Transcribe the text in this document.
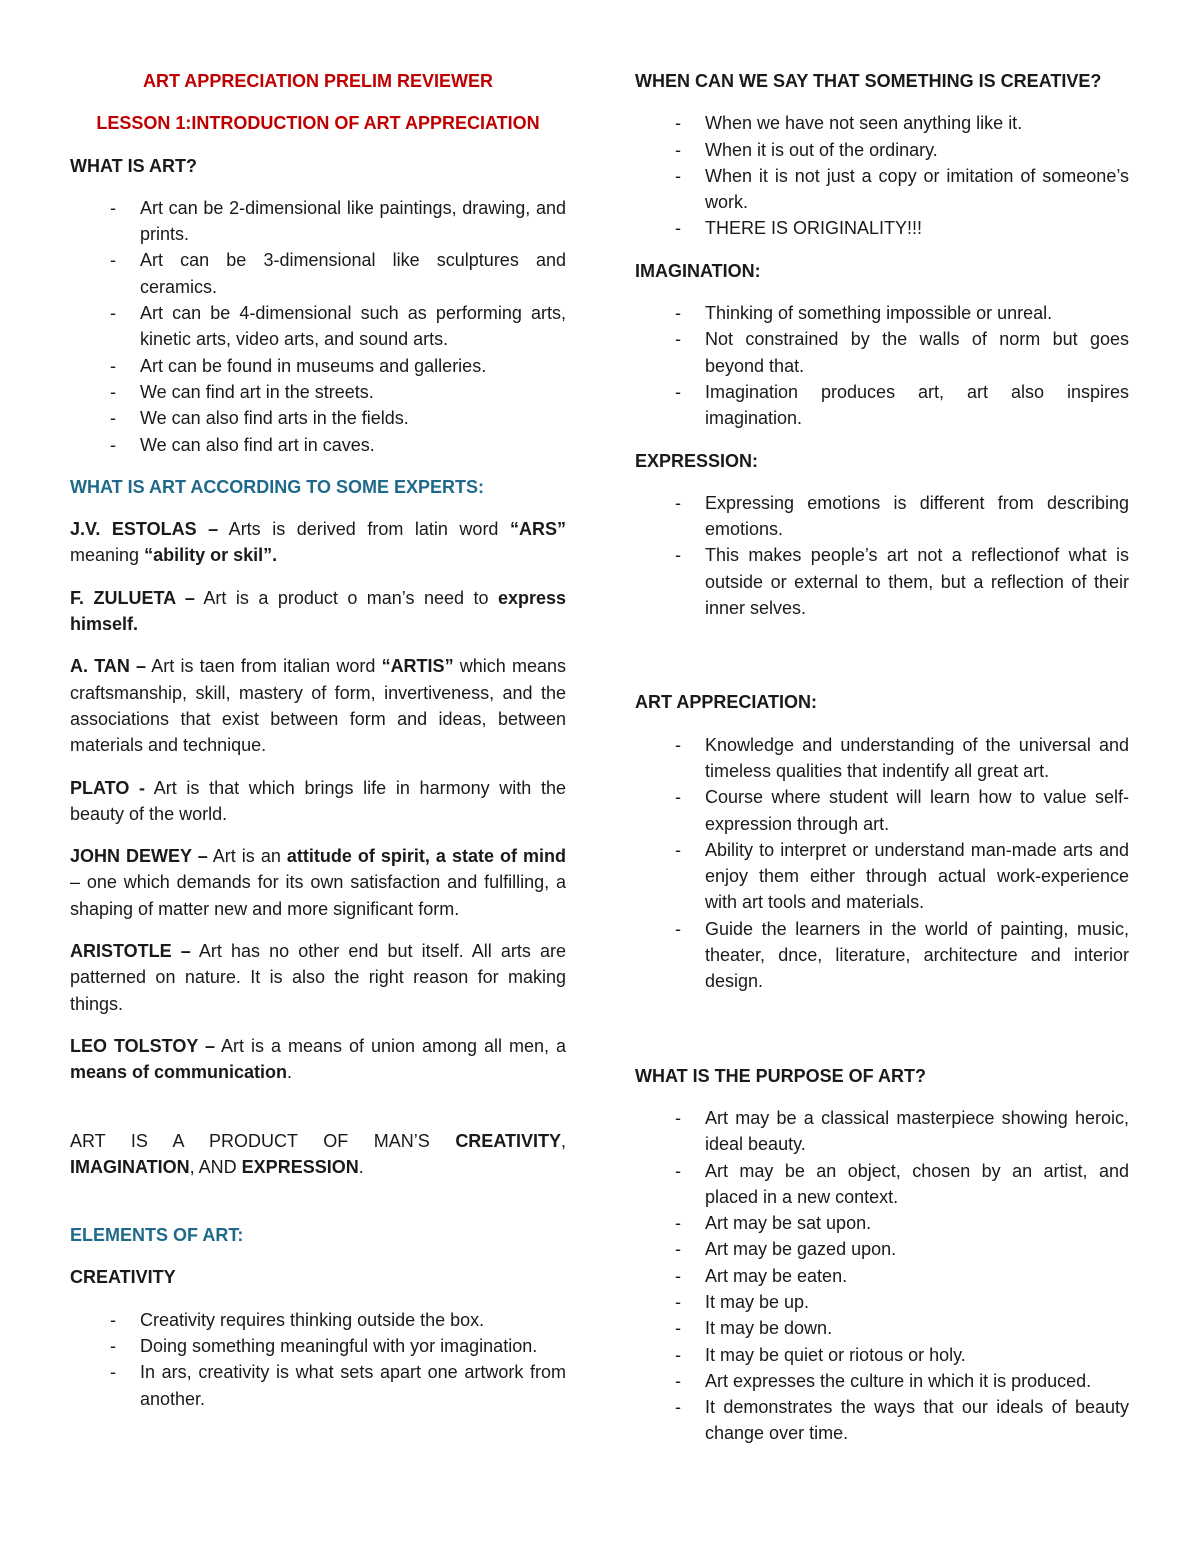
ART APPRECIATION PRELIM REVIEWER
LESSON 1:INTRODUCTION OF ART APPRECIATION
WHAT IS ART?
- Art can be 2-dimensional like paintings, drawing, and prints.
- Art can be 3-dimensional like sculptures and ceramics.
- Art can be 4-dimensional such as performing arts, kinetic arts, video arts, and sound arts.
- Art can be found in museums and galleries.
- We can find art in the streets.
- We can also find arts in the fields.
- We can also find art in caves.
WHAT IS ART ACCORDING TO SOME EXPERTS:
J.V. ESTOLAS – Arts is derived from latin word “ARS” meaning “ability or skil”.
F. ZULUETA – Art is a product o man’s need to express himself.
A. TAN – Art is taen from italian word “ARTIS” which means craftsmanship, skill, mastery of form, invertiveness, and the associations that exist between form and ideas, between materials and technique.
PLATO - Art is that which brings life in harmony with the beauty of the world.
JOHN DEWEY – Art is an attitude of spirit, a state of mind – one which demands for its own satisfaction and fulfilling, a shaping of matter new and more significant form.
ARISTOTLE – Art has no other end but itself. All arts are patterned on nature. It is also the right reason for making things.
LEO TOLSTOY – Art is a means of union among all men, a means of communication.
ART IS A PRODUCT OF MAN’S CREATIVITY, IMAGINATION, AND EXPRESSION.
ELEMENTS OF ART:
CREATIVITY
- Creativity requires thinking outside the box.
- Doing something meaningful with yor imagination.
- In ars, creativity is what sets apart one artwork from another.
WHEN CAN WE SAY THAT SOMETHING IS CREATIVE?
- When we have not seen anything like it.
- When it is out of the ordinary.
- When it is not just a copy or imitation of someone’s work.
- THERE IS ORIGINALITY!!!
IMAGINATION:
- Thinking of something impossible or unreal.
- Not constrained by the walls of norm but goes beyond that.
- Imagination produces art, art also inspires imagination.
EXPRESSION:
- Expressing emotions is different from describing emotions.
- This makes people’s art not a reflectionof what is outside or external to them, but a reflection of their inner selves.
ART APPRECIATION:
- Knowledge and understanding of the universal and timeless qualities that indentify all great art.
- Course where student will learn how to value self-expression through art.
- Ability to interpret or understand man-made arts and enjoy them either through actual work-experience with art tools and materials.
- Guide the learners in the world of painting, music, theater, dnce, literature, architecture and interior design.
WHAT IS THE PURPOSE OF ART?
- Art may be a classical masterpiece showing heroic, ideal beauty.
- Art may be an object, chosen by an artist, and placed in a new context.
- Art may be sat upon.
- Art may be gazed upon.
- Art may be eaten.
- It may be up.
- It may be down.
- It may be quiet or riotous or holy.
- Art expresses the culture in which it is produced.
- It demonstrates the ways that our ideals of beauty change over time.
